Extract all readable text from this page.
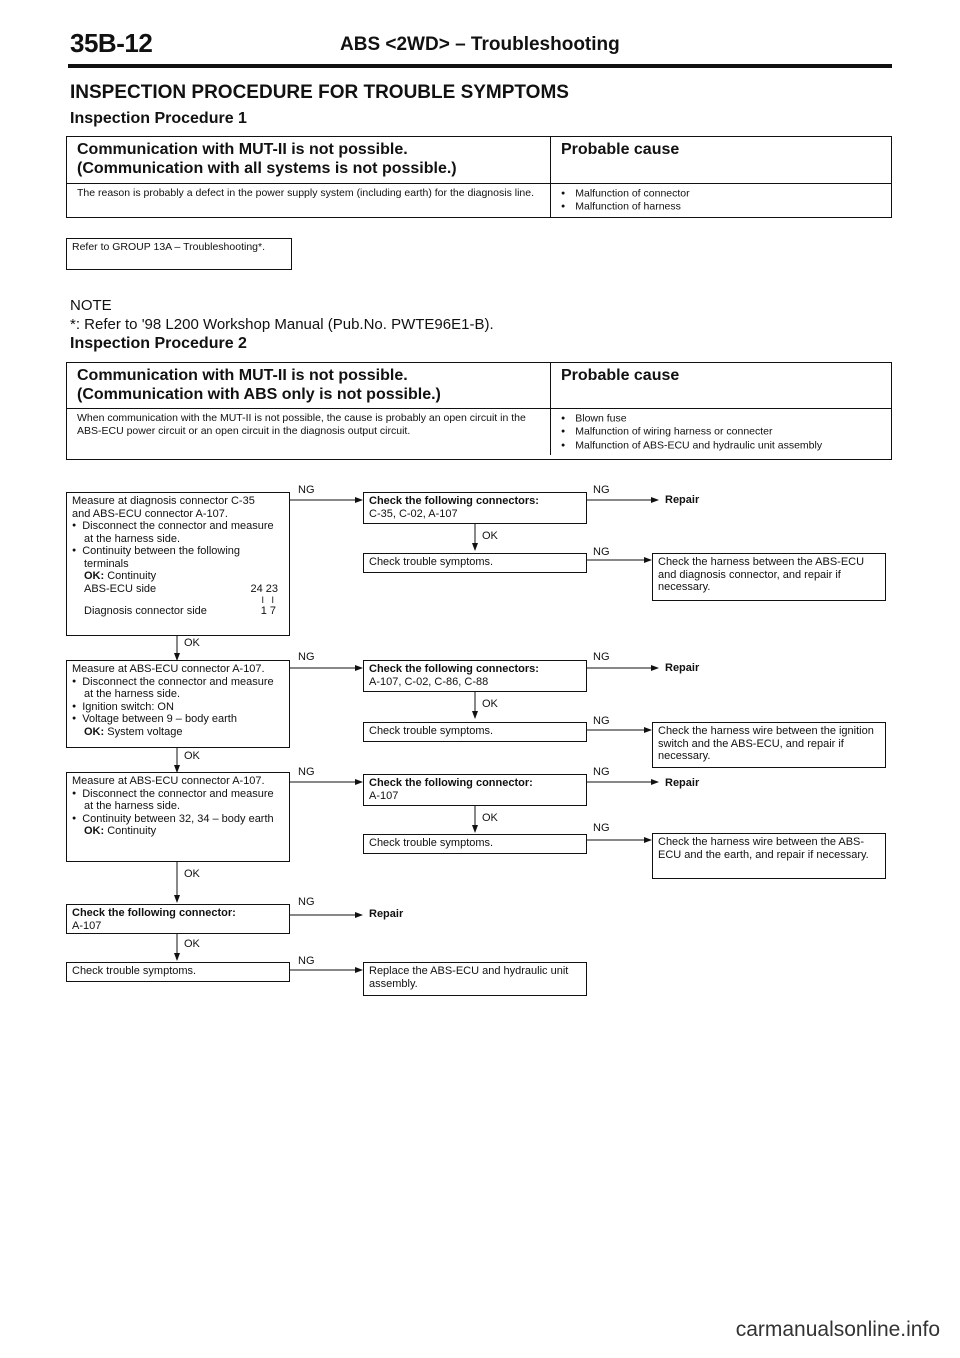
35B-12	ABS <2WD> – Troubleshooting
INSPECTION PROCEDURE FOR TROUBLE SYMPTOMS
Inspection Procedure 1
Communication with MUT-II is not possible.
(Communication with all systems is not possible.)
Probable cause
The reason is probably a defect in the power supply system (including earth) for the diagnosis line.
●	Malfunction of connector
● Malfunction of harness
Refer to GROUP 13A – Troubleshooting*.
NOTE
*: Refer to '98 L200 Workshop Manual (Pub.No. PWTE96E1-B).
Inspection Procedure 2
Communication with MUT-II is not possible.
(Communication with ABS only is not possible.)
Probable cause
When communication with the MUT-II is not possible, the cause is probably an open circuit in the ABS-ECU power circuit or an open circuit in the diagnosis output circuit.
● Blown fuse
● Malfunction of wiring harness or connecter
● Malfunction of ABS-ECU and hydraulic unit assembly
Measure at diagnosis connector C-35
and ABS-ECU connector A-107.
● Disconnect the connector and measure at the harness side.
● Continuity between the following terminals
OK: Continuity
ABS-ECU side	24 23
I   I
Diagnosis connector side	1 7
NG
Check the following connectors:
C-35, C-02, A-107
NG
Repair
OK
Check trouble symptoms.
NG
Check the harness between the ABS-ECU and diagnosis connector, and repair if necessary.
OK
Measure at ABS-ECU connector A-107.
● Disconnect the connector and measure at the harness side.
● Ignition switch: ON
● Voltage between 9 – body earth
OK: System voltage
NG
Check the following connectors:
A-107, C-02, C-86, C-88
NG
Repair
OK
Check trouble symptoms.
NG
Check the harness wire between the ignition switch and the ABS-ECU, and repair if necessary.
OK
Measure at ABS-ECU connector A-107.
● Disconnect the connector and measure at the harness side.
● Continuity between 32, 34 – body earth
OK: Continuity
NG
Check the following connector:
A-107
NG
Repair
OK
Check trouble symptoms.
NG
Check the harness wire between the ABS-ECU and the earth, and repair if necessary.
OK
Check the following connector:
A-107
NG
Repair
OK
Check trouble symptoms.
NG
Replace the ABS-ECU and hydraulic unit assembly.
carmanualsonline.info
